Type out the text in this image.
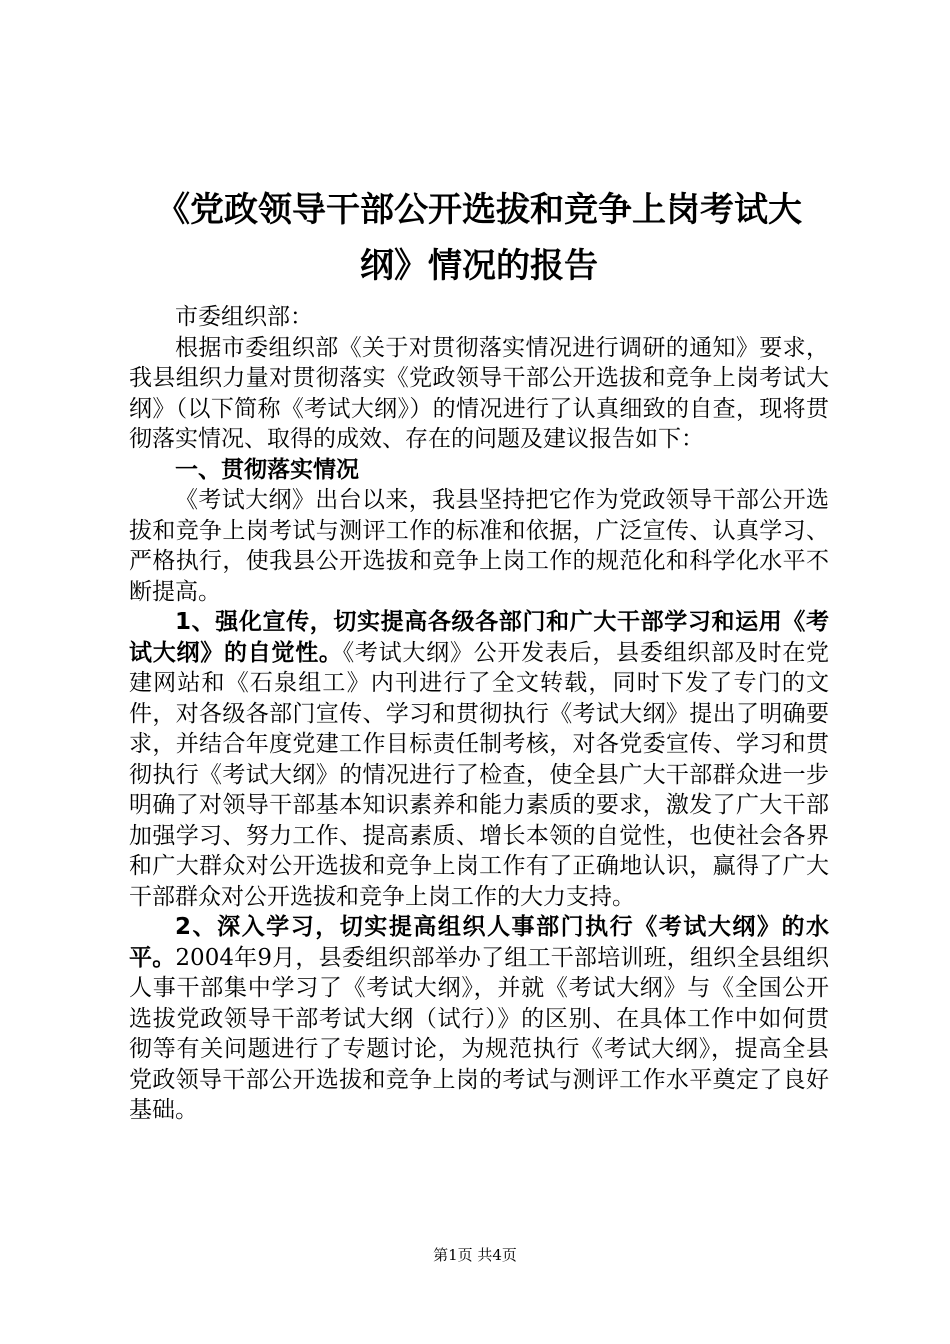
《党政领导干部公开选拔和竞争上岗考试大
纲》情况的报告

市委组织部：

根据市委组织部《关于对贯彻落实情况进行调研的通知》要求，我县组织力量对贯彻落实《党政领导干部公开选拔和竞争上岗考试大纲》（以下简称《考试大纲》）的情况进行了认真细致的自查，现将贯彻落实情况、取得的成效、存在的问题及建议报告如下：

一、贯彻落实情况

《考试大纲》出台以来，我县坚持把它作为党政领导干部公开选拔和竞争上岗考试与测评工作的标准和依据，广泛宣传、认真学习、严格执行，使我县公开选拔和竞争上岗工作的规范化和科学化水平不断提高。

1、强化宣传，切实提高各级各部门和广大干部学习和运用《考试大纲》的自觉性。《考试大纲》公开发表后，县委组织部及时在党建网站和《石泉组工》内刊进行了全文转载，同时下发了专门的文件，对各级各部门宣传、学习和贯彻执行《考试大纲》提出了明确要求，并结合年度党建工作目标责任制考核，对各党委宣传、学习和贯彻执行《考试大纲》的情况进行了检查，使全县广大干部群众进一步明确了对领导干部基本知识素养和能力素质的要求，激发了广大干部加强学习、努力工作、提高素质、增长本领的自觉性，也使社会各界和广大群众对公开选拔和竞争上岗工作有了正确地认识，赢得了广大干部群众对公开选拔和竞争上岗工作的大力支持。

2、深入学习，切实提高组织人事部门执行《考试大纲》的水平。2004年9月，县委组织部举办了组工干部培训班，组织全县组织人事干部集中学习了《考试大纲》，并就《考试大纲》与《全国公开选拔党政领导干部考试大纲（试行）》的区别、在具体工作中如何贯彻等有关问题进行了专题讨论，为规范执行《考试大纲》，提高全县党政领导干部公开选拔和竞争上岗的考试与测评工作水平奠定了良好基础。

第1页 共4页
